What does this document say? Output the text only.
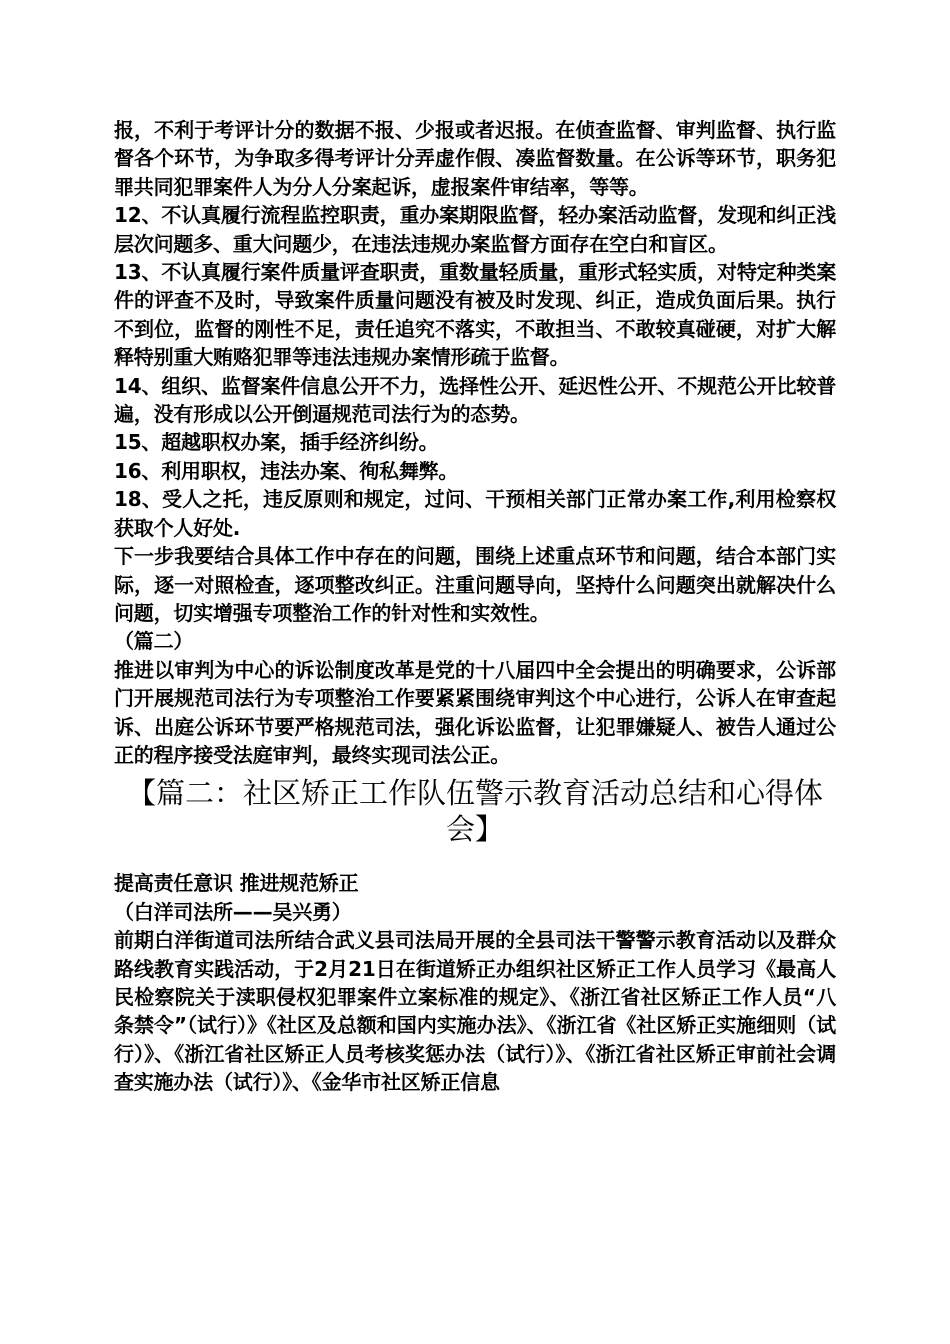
报，不利于考评计分的数据不报、少报或者迟报。在侦查监督、审判监督、执行监督各个环节，为争取多得考评计分弄虚作假、凑监督数量。在公诉等环节，职务犯罪共同犯罪案件人为分人分案起诉，虚报案件审结率，等等。

12、不认真履行流程监控职责，重办案期限监督，轻办案活动监督，发现和纠正浅层次问题多、重大问题少，在违法违规办案监督方面存在空白和盲区。

13、不认真履行案件质量评查职责，重数量轻质量，重形式轻实质，对特定种类案件的评查不及时，导致案件质量问题没有被及时发现、纠正，造成负面后果。执行不到位，监督的刚性不足，责任追究不落实，不敢担当、不敢较真碰硬，对扩大解释特别重大贿赂犯罪等违法违规办案情形疏于监督。

14、组织、监督案件信息公开不力，选择性公开、延迟性公开、不规范公开比较普遍，没有形成以公开倒逼规范司法行为的态势。

15、超越职权办案，插手经济纠纷。

16、利用职权，违法办案、徇私舞弊。

18、受人之托，违反原则和规定，过问、干预相关部门正常办案工作,利用检察权获取个人好处.

下一步我要结合具体工作中存在的问题，围绕上述重点环节和问题，结合本部门实际，逐一对照检查，逐项整改纠正。注重问题导向，坚持什么问题突出就解决什么问题，切实增强专项整治工作的针对性和实效性。

（篇二）

推进以审判为中心的诉讼制度改革是党的十八届四中全会提出的明确要求，公诉部门开展规范司法行为专项整治工作要紧紧围绕审判这个中心进行，公诉人在审查起诉、出庭公诉环节要严格规范司法，强化诉讼监督，让犯罪嫌疑人、被告人通过公正的程序接受法庭审判，最终实现司法公正。

【篇二：社区矫正工作队伍警示教育活动总结和心得体会】

提高责任意识 推进规范矫正

（白洋司法所——吴兴勇）

前期白洋街道司法所结合武义县司法局开展的全县司法干警警示教育活动以及群众路线教育实践活动，于2月21日在街道矫正办组织社区矫正工作人员学习《最高人民检察院关于渎职侵权犯罪案件立案标准的规定》、《浙江省社区矫正工作人员“八条禁令”（试行）》《社区及总额和国内实施办法》、《浙江省《社区矫正实施细则（试行）》、《浙江省社区矫正人员考核奖惩办法（试行）》、《浙江省社区矫正审前社会调查实施办法（试行）》、《金华市社区矫正信息
